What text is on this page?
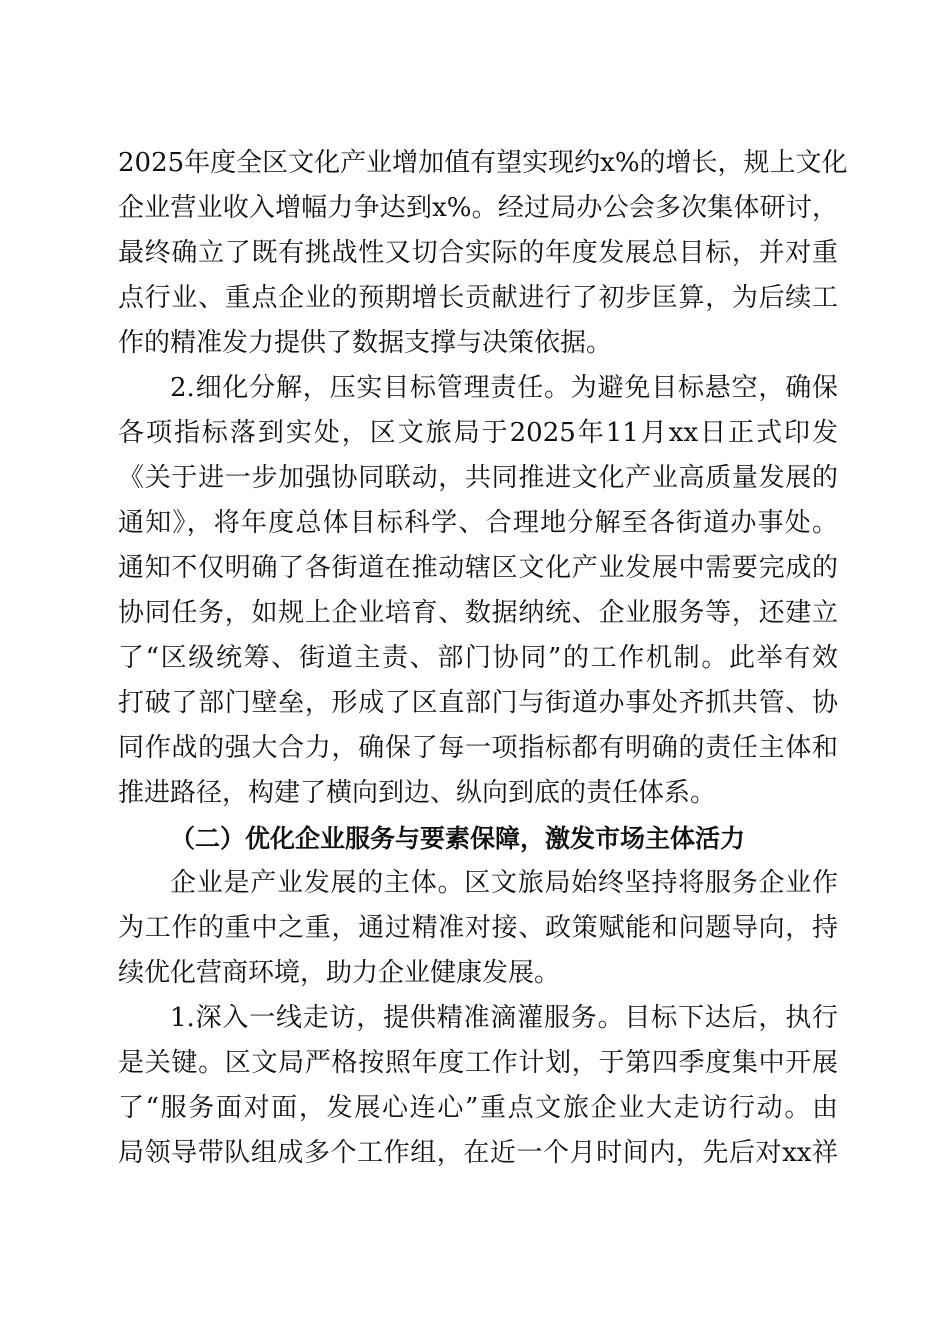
2025年度全区文化产业增加值有望实现约x%的增长，规上文化
企业营业收入增幅力争达到x%。经过局办公会多次集体研讨，
最终确立了既有挑战性又切合实际的年度发展总目标，并对重
点行业、重点企业的预期增长贡献进行了初步匡算，为后续工
作的精准发力提供了数据支撑与决策依据。
2.细化分解，压实目标管理责任。为避免目标悬空，确保
各项指标落到实处，区文旅局于2025年11月xx日正式印发
《关于进一步加强协同联动，共同推进文化产业高质量发展的
通知》，将年度总体目标科学、合理地分解至各街道办事处。
通知不仅明确了各街道在推动辖区文化产业发展中需要完成的
协同任务，如规上企业培育、数据纳统、企业服务等，还建立
了“区级统筹、街道主责、部门协同”的工作机制。此举有效
打破了部门壁垒，形成了区直部门与街道办事处齐抓共管、协
同作战的强大合力，确保了每一项指标都有明确的责任主体和
推进路径，构建了横向到边、纵向到底的责任体系。
（二）优化企业服务与要素保障，激发市场主体活力
企业是产业发展的主体。区文旅局始终坚持将服务企业作
为工作的重中之重，通过精准对接、政策赋能和问题导向，持
续优化营商环境，助力企业健康发展。
1.深入一线走访，提供精准滴灌服务。目标下达后，执行
是关键。区文局严格按照年度工作计划，于第四季度集中开展
了“服务面对面，发展心连心”重点文旅企业大走访行动。由
局领导带队组成多个工作组，在近一个月时间内，先后对xx祥
